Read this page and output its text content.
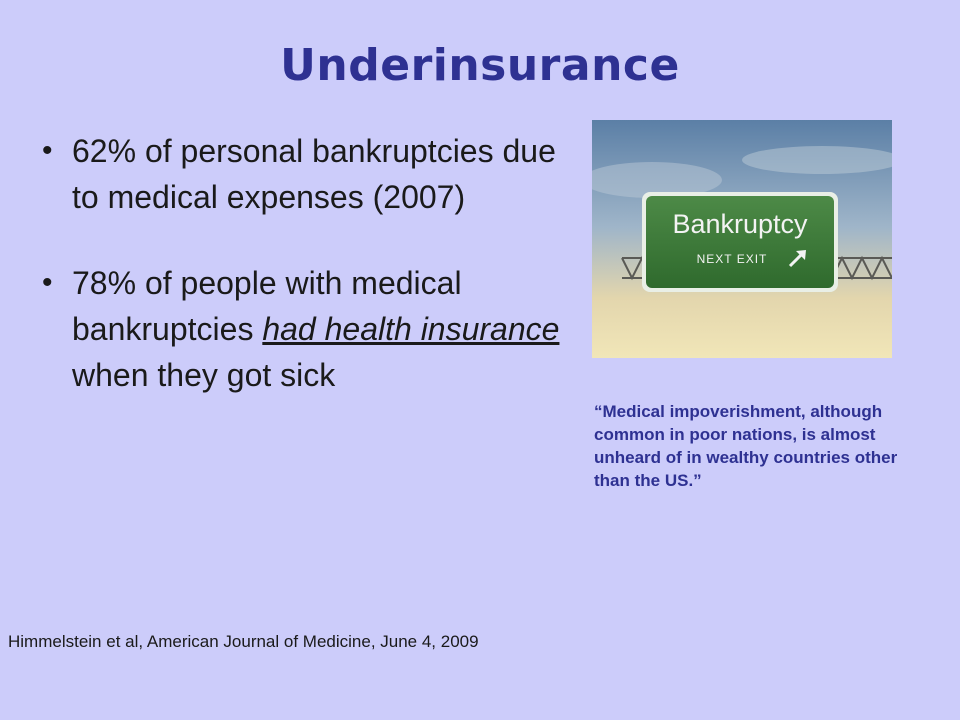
Underinsurance
• 62% of personal bankruptcies due to medical expenses (2007)
• 78% of people with medical bankruptcies had health insurance when they got sick
Bankruptcy
NEXT EXIT
“Medical impoverishment, although common in poor nations, is almost unheard of in wealthy countries other than the US.”
Himmelstein et al, American Journal of Medicine, June 4, 2009
